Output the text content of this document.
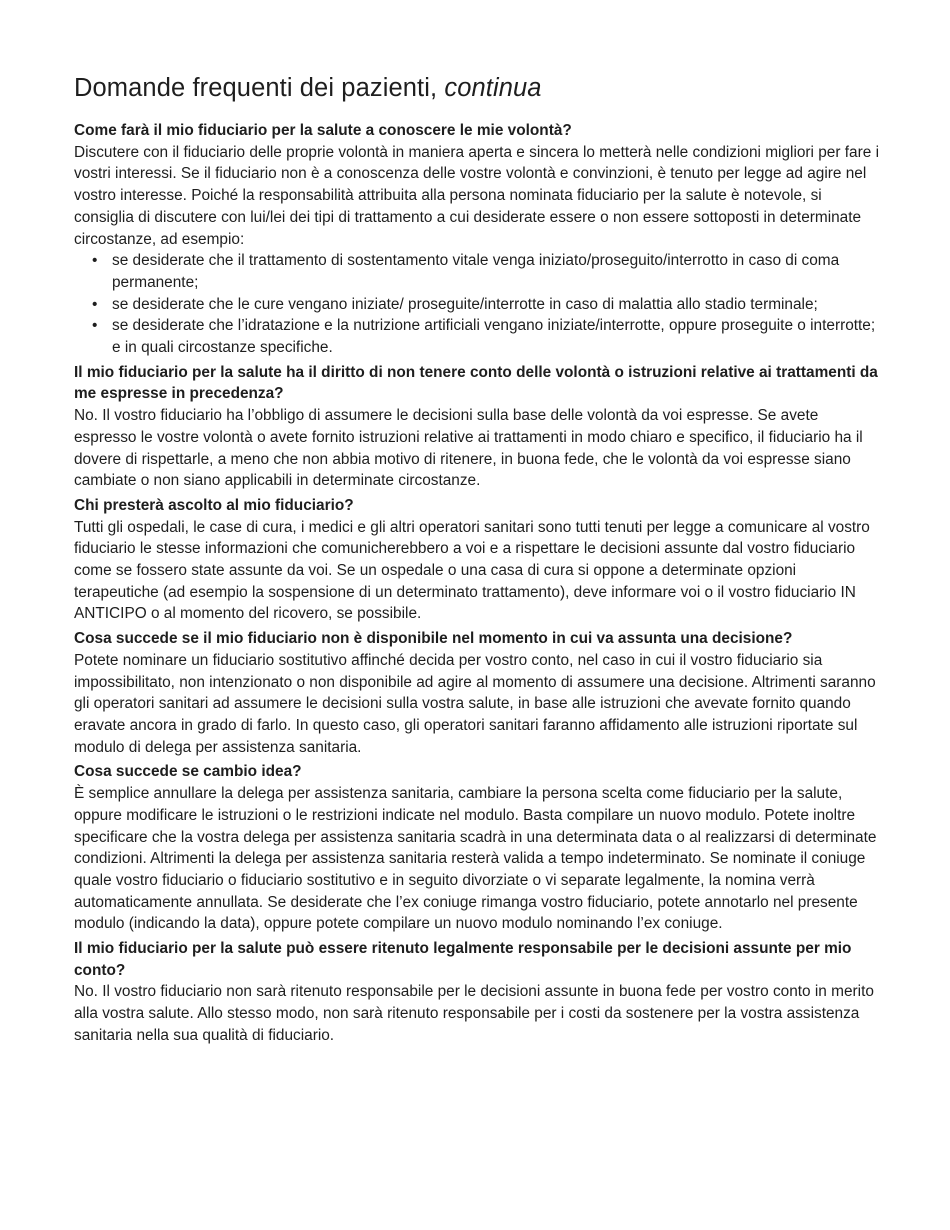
Domande frequenti dei pazienti, continua

Come farà il mio fiduciario per la salute a conoscere le mie volontà?

Discutere con il fiduciario delle proprie volontà in maniera aperta e sincera lo metterà nelle condizioni migliori per fare i vostri interessi. Se il fiduciario non è a conoscenza delle vostre volontà e convinzioni, è tenuto per legge ad agire nel vostro interesse. Poiché la responsabilità attribuita alla persona nominata fiduciario per la salute è notevole, si consiglia di discutere con lui/lei dei tipi di trattamento a cui desiderate essere o non essere sottoposti in determinate circostanze, ad esempio:

• se desiderate che il trattamento di sostentamento vitale venga iniziato/proseguito/interrotto in caso di coma permanente;
• se desiderate che le cure vengano iniziate/ proseguite/interrotte in caso di malattia allo stadio terminale;
• se desiderate che l’idratazione e la nutrizione artificiali vengano iniziate/interrotte, oppure proseguite o interrotte; e in quali circostanze specifiche.

Il mio fiduciario per la salute ha il diritto di non tenere conto delle volontà o istruzioni relative ai trattamenti da me espresse in precedenza?

No. Il vostro fiduciario ha l’obbligo di assumere le decisioni sulla base delle volontà da voi espresse. Se avete espresso le vostre volontà o avete fornito istruzioni relative ai trattamenti in modo chiaro e specifico, il fiduciario ha il dovere di rispettarle, a meno che non abbia motivo di ritenere, in buona fede, che le volontà da voi espresse siano cambiate o non siano applicabili in determinate circostanze.

Chi presterà ascolto al mio fiduciario?

Tutti gli ospedali, le case di cura, i medici e gli altri operatori sanitari sono tutti tenuti per legge a comunicare al vostro fiduciario le stesse informazioni che comunicherebbero a voi e a rispettare le decisioni assunte dal vostro fiduciario come se fossero state assunte da voi. Se un ospedale o una casa di cura si oppone a determinate opzioni terapeutiche (ad esempio la sospensione di un determinato trattamento), deve informare voi o il vostro fiduciario IN ANTICIPO o al momento del ricovero, se possibile.

Cosa succede se il mio fiduciario non è disponibile nel momento in cui va assunta una decisione?

Potete nominare un fiduciario sostitutivo affinché decida per vostro conto, nel caso in cui il vostro fiduciario sia impossibilitato, non intenzionato o non disponibile ad agire al momento di assumere una decisione. Altrimenti saranno gli operatori sanitari ad assumere le decisioni sulla vostra salute, in base alle istruzioni che avevate fornito quando eravate ancora in grado di farlo. In questo caso, gli operatori sanitari faranno affidamento alle istruzioni riportate sul modulo di delega per assistenza sanitaria.

Cosa succede se cambio idea?

È semplice annullare la delega per assistenza sanitaria, cambiare la persona scelta come fiduciario per la salute, oppure modificare le istruzioni o le restrizioni indicate nel modulo. Basta compilare un nuovo modulo. Potete inoltre specificare che la vostra delega per assistenza sanitaria scadrà in una determinata data o al realizzarsi di determinate condizioni. Altrimenti la delega per assistenza sanitaria resterà valida a tempo indeterminato. Se nominate il coniuge quale vostro fiduciario o fiduciario sostitutivo e in seguito divorziate o vi separate legalmente, la nomina verrà automaticamente annullata. Se desiderate che l’ex coniuge rimanga vostro fiduciario, potete annotarlo nel presente modulo (indicando la data), oppure potete compilare un nuovo modulo nominando l’ex coniuge.

Il mio fiduciario per la salute può essere ritenuto legalmente responsabile per le decisioni assunte per mio conto?

No. Il vostro fiduciario non sarà ritenuto responsabile per le decisioni assunte in buona fede per vostro conto in merito alla vostra salute. Allo stesso modo, non sarà ritenuto responsabile per i costi da sostenere per la vostra assistenza sanitaria nella sua qualità di fiduciario.
